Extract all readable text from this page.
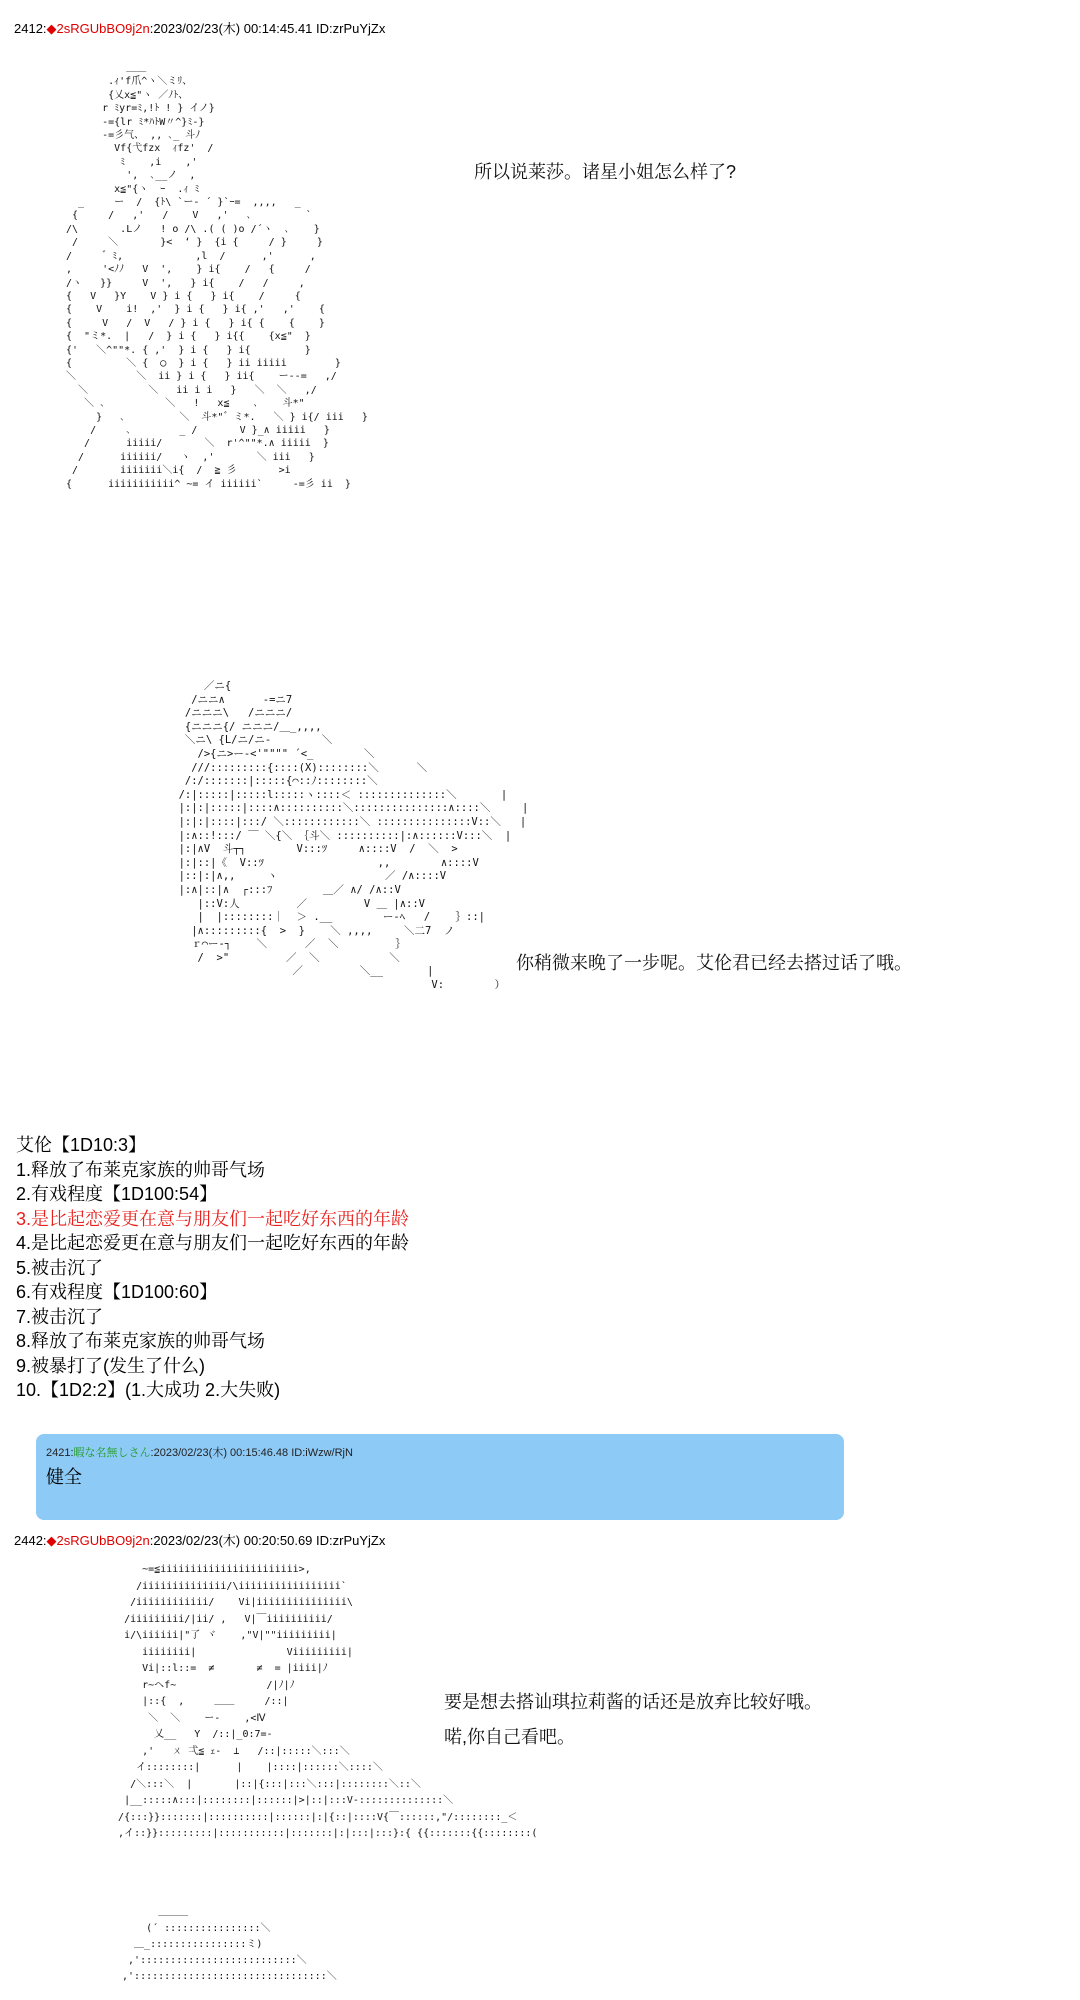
2412:◆2sRGUbBO9j2n:2023/02/23(木) 00:14:45.41 ID:zrPuYjZx
＿＿
.ｨ'f爪^ヽ＼ミﾘ、
{乂x≦"ヽ ／ﾉﾄ、
r ﾐyr=ﾐ,!ﾄ ! } イノ}
-={lr ﾐ*ﾊﾄW〃^}ﾐ-}
-=彡气、 ,, ､_ 斗ﾉ
Vf{弋fzx  ｨfz'  /
ﾐ    ,i    ,'
',  ､__ノ  ,
x≦"{ヽ  ｰ  .ｨ ﾐ
_     ー  /  {ﾄ\ `ー- ´ }`ｰ=  ,,,,   _
{     /   ,'   /    V   ,'   ､         `
/\       .Lノ   ! o /\ .( ( )o /´ヽ  ､    }
/     ＼       }<  ‘ }  {i {     / }     }
/     ゛ﾐ,            ,l  /      ,'      ,
,     '<ﾉﾉ   V  ',    } i{    /   {     /
/ヽ   }}     V  ',   } i{    /   /     ,
{   V   }Y    V } i {   } i{    /     {
{    V    i!  ,'  } i {   } i{ ,'   ,'    {
{     V   /  V   / } i {   } i{ {    {    }
{  "ミ*.  |   /  } i {   } i{{    {x≦"  }
{'   ＼^""*. { ,'  } i {   } i{         }
{         ＼ {  ◯  } i {   } ii iiiii        }
＼          ＼  ii } i {   } ii{    ー--=   ,/
＼          ＼   ii i i   }   ＼  ＼   ,/
＼ ､          ＼   !   x≦    ､    斗*"
}   ､         ＼  斗*"゛ミ*.   ＼ } i{/ iii   }
/     ､        _ /       V }_∧ iiiii   }
/      iiiii/       ＼  r'^""*.∧ iiiii  }
/      iiiiii/   ヽ  ,'       ＼ iii   }
/       iiiiiii＼i{  /  ≧ 彡       >i
{      iiiiiiiiiii^ ~= イ iiiiii`     -=彡 ii  }
所以说莱莎。诸星小姐怎么样了?
／ニ{
/ニニ∧      -=ニ7
/ニニニ\   /ニニニ/
{ニニニ{/ ニニニ/＿_,,,,
＼ニ\ {L/ニ/ニ-        ＼
/>{ニ>ー-<'"""" ´<_        ＼
///:::::::::{::::(X)::::::::＼      ＼
/:/:::::::|:::::{⌒::ﾉ::::::::＼
/:|:::::|:::::l:::::ヽ::::＜ ::::::::::::::＼       |
|:|:|:::::|::::∧::::::::::＼:::::::::::::::∧::::＼     |
|:|:|::::|:::/ ＼::::::::::::＼ :::::::::::::::V::＼   |
|:∧::!:::/ ￣ ＼{＼ ｛斗＼ ::::::::::|:∧::::::V:::＼  |
|:|∧V  斗┬┐        V:::ﾂ     ∧::::V  /  ＼  >
|:|::|《  V::ﾂ                  ,,        ∧::::V
|::|:|∧,,     ヽ                 ／ /∧::::V
|:∧|::|∧  ┌:::ﾌ        ＿／ ∧/ /∧::V
|::V:人         ／         V ＿ |∧::V
|  |::::::::｜  ＞ .__        ー-ﾍ   /    ｝::|
|∧:::::::::{  >  }    ＼ ,,,,     ＼二7  ノ
ｒ⌒ー‐┐    ＼      ／  ＼         ｝
/  >"         ／  ＼           ＼
／         ＼__       |
V:        ）
你稍微来晚了一步呢。艾伦君已经去搭过话了哦。
艾伦【1D10:3】
1.释放了布莱克家族的帅哥气场
2.有戏程度【1D100:54】
3.是比起恋爱更在意与朋友们一起吃好东西的年龄
4.是比起恋爱更在意与朋友们一起吃好东西的年龄
5.被击沉了
6.有戏程度【1D100:60】
7.被击沉了
8.释放了布莱克家族的帅哥气场
9.被暴打了(发生了什么)
10.【1D2:2】(1.大成功 2.大失败)
2421:暇な名無しさん:2023/02/23(木) 00:15:46.48 ID:iWzw/RjN
健全
2442:◆2sRGUbBO9j2n:2023/02/23(木) 00:20:50.69 ID:zrPuYjZx
~=≦iiiiiiiiiiiiiiiiiiiiiii>,
/iiiiiiiiiiiiii/\iiiiiiiiiiiiiiiii`
/iiiiiiiiiiii/    Vi|iiiiiiiiiiiiiii\
/iiiiiiiii/|ii/ ,   V|￣iiiiiiiiii/
i/\iiiiii|"了 ヾ    ,"V|""iiiiiiiii|
iiiiiiii|               Viiiiiiiii|
Vi|::l::=  ≠       ≠  = |iiii|ﾉ
r~ヘf~               /|ﾉ|ﾉ
|::{  ,     ＿＿     /::|
＼  ＼    ー‐    ,<Ⅳ
乂__   Y  /::|_0:7=-
,'   ㄨ 弌≦ ｪ‐  ⊥   /::|:::::＼:::＼
イ::::::::|      |    |::::|::::::＼::::＼
/＼:::＼  |       |::|{:::|:::＼:::|::::::::＼::＼
|__:::::∧:::|::::::::|::::::|>|::|:::V-::::::::::::::＼
/{:::}}:::::::|::::::::::|::::::|:|{::|::::V{￣::::::,"/::::::::_＜
,イ::}}:::::::::|:::::::::::|:::::::|:|:::|:::}:{ {{:::::::{{::::::::(
要是想去搭讪琪拉莉酱的话还是放弃比较好哦。
喏,你自己看吧。
＿＿＿
(´ ::::::::::::::::＼
＿_::::::::::::::::ミ)
,'::::::::::::::::::::::::::＼
,'::::::::::::::::::::::::::::::::＼
